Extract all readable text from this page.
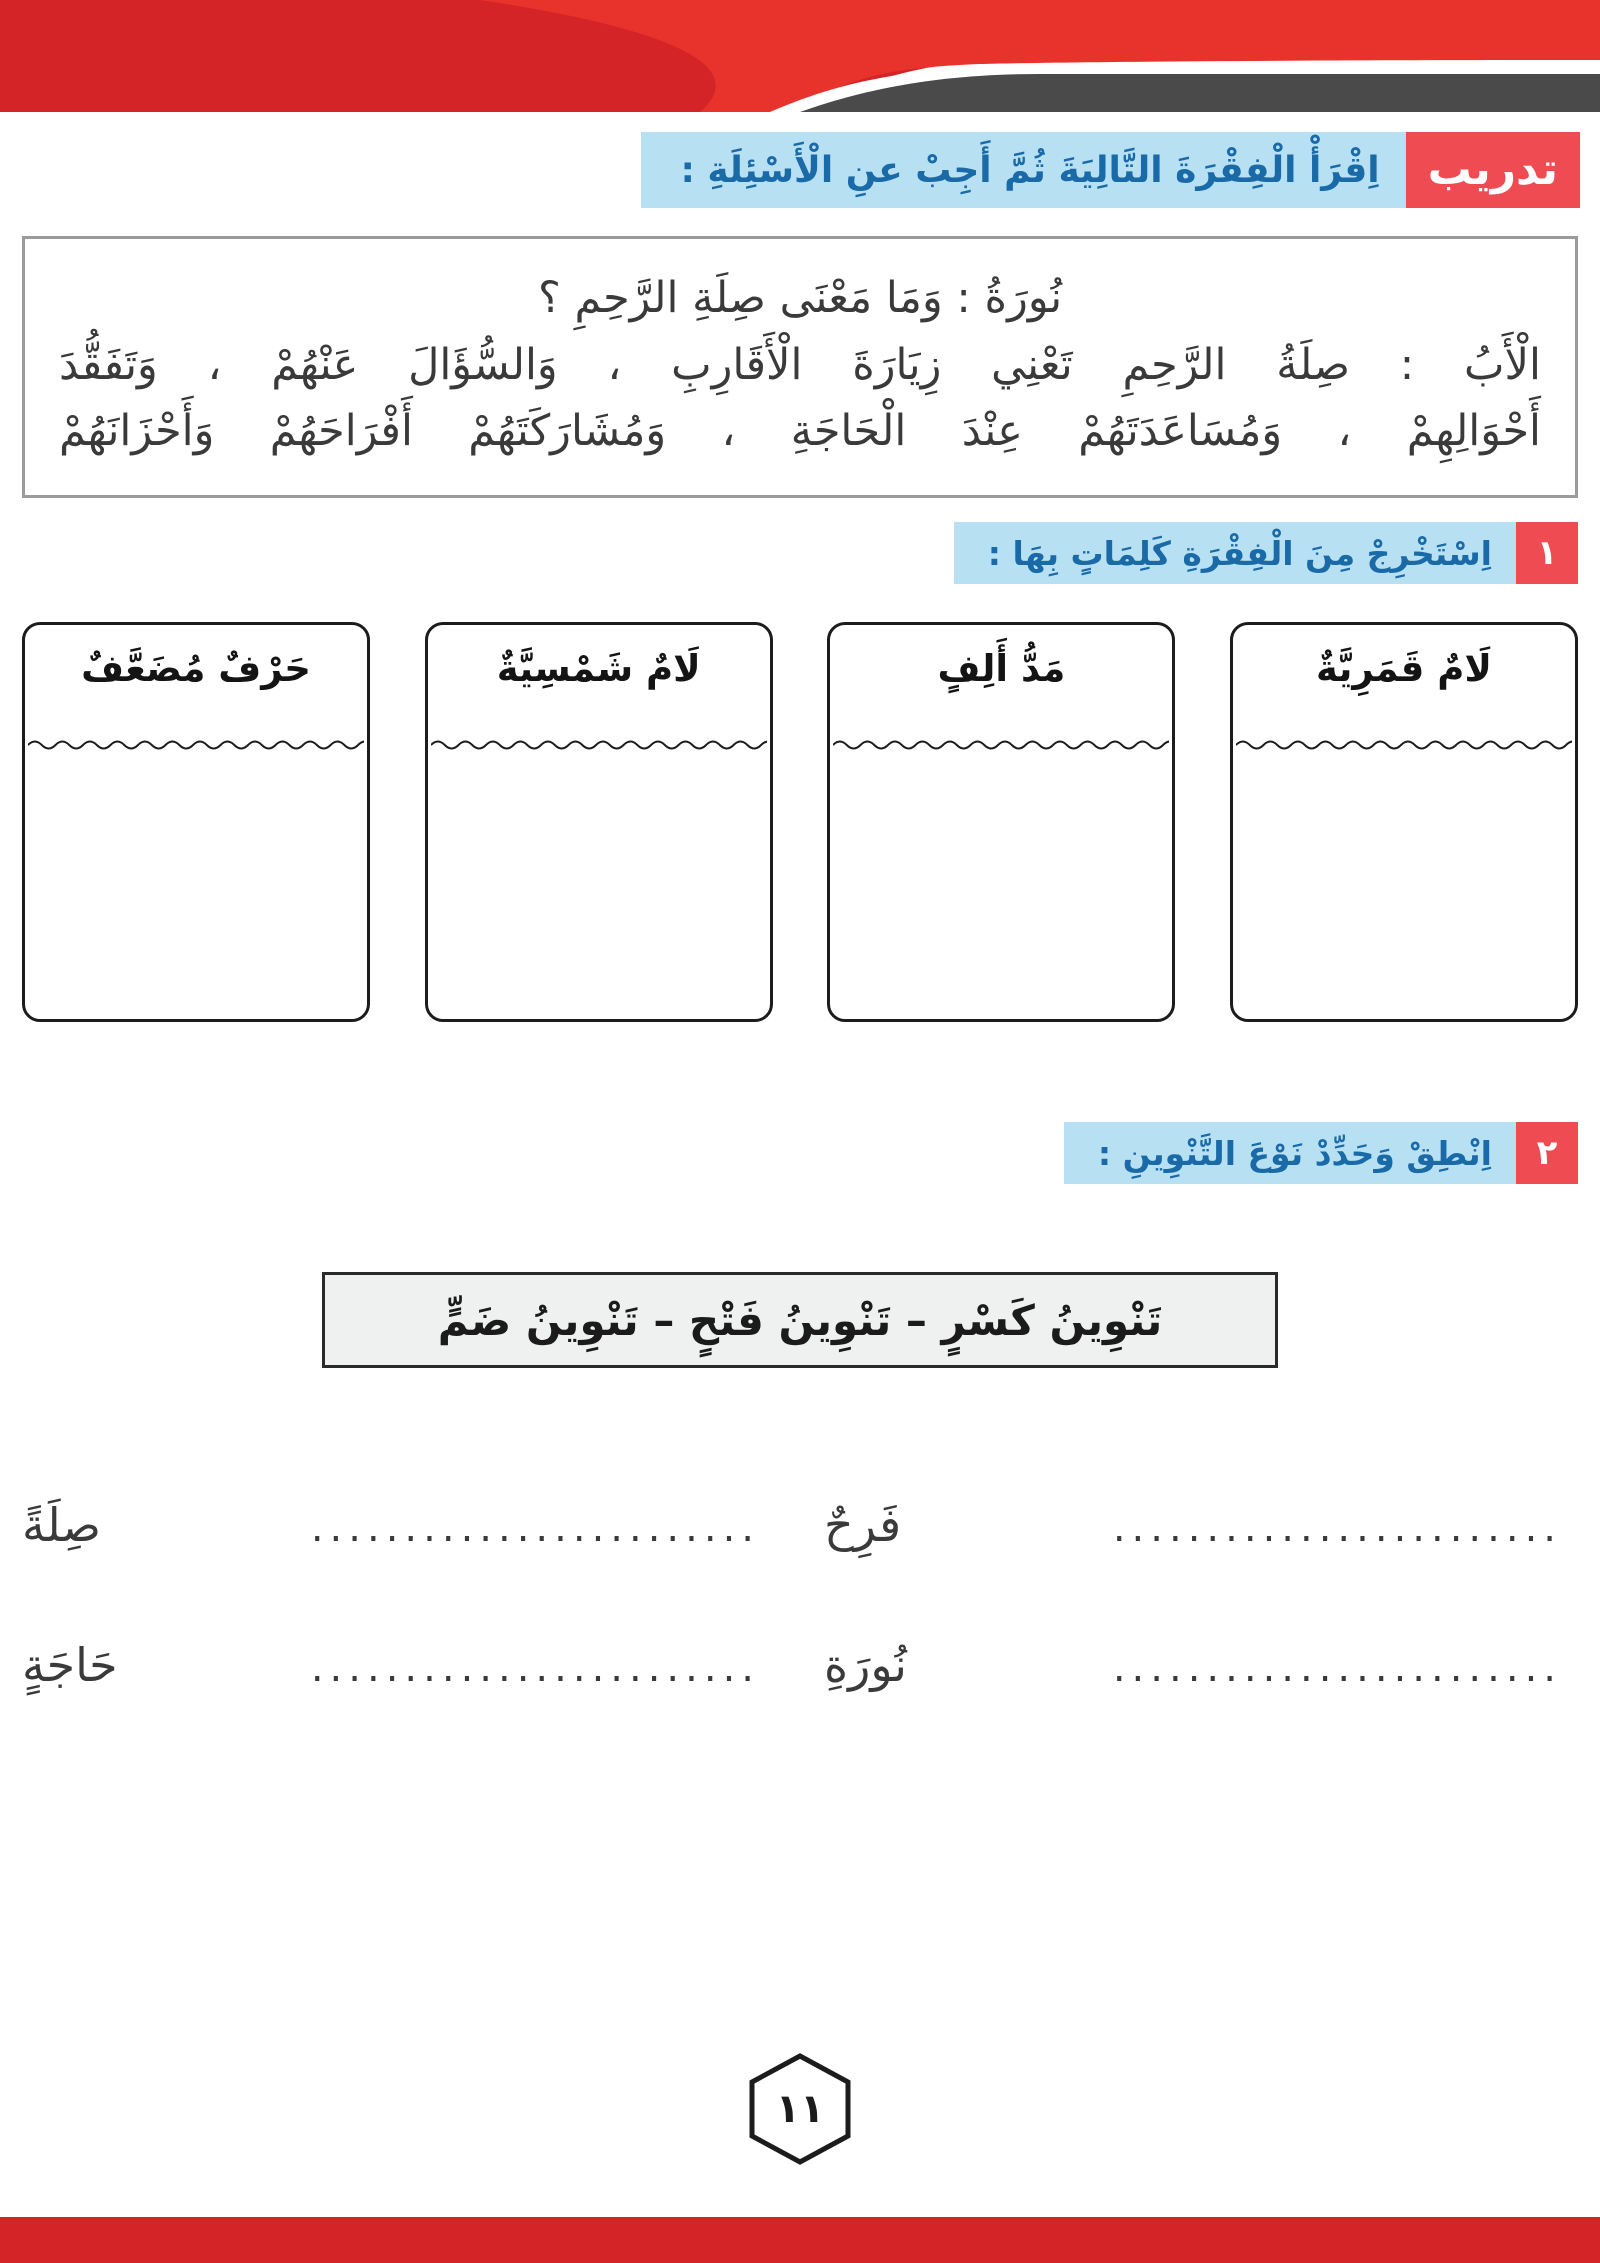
تدريب
اِقْرَأْ الْفِقْرَةَ التَّالِيَةَ ثُمَّ أَجِبْ عنِ الْأَسْئِلَةِ :
نُورَةُ : وَمَا مَعْنَى صِلَةِ الرَّحِمِ ؟
الْأَبُ : صِلَةُ الرَّحِمِ تَعْنِي زِيَارَةَ الْأَقَارِبِ ، وَالسُّؤَالَ عَنْهُمْ ، وَتَفَقُّدَ
أَحْوَالِهِمْ ، وَمُسَاعَدَتَهُمْ عِنْدَ الْحَاجَةِ ، وَمُشَارَكَتَهُمْ أَفْرَاحَهُمْ وَأَحْزَانَهُمْ
١
اِسْتَخْرِجْ مِنَ الْفِقْرَةِ كَلِمَاتٍ بِهَا :
لَامٌ قَمَرِيَّةٌ
مَدُّ أَلِفٍ
لَامٌ شَمْسِيَّةٌ
حَرْفٌ مُضَعَّفٌ
٢
اِنْطِقْ وَحَدِّدْ نَوْعَ التَّنْوِينِ :
تَنْوِينُ كَسْرٍ – تَنْوِينُ فَتْحٍ – تَنْوِينُ ضَمٍّ
........................
فَرِحٌ
........................
صِلَةً
........................
نُورَةِ
........................
حَاجَةٍ
١١
